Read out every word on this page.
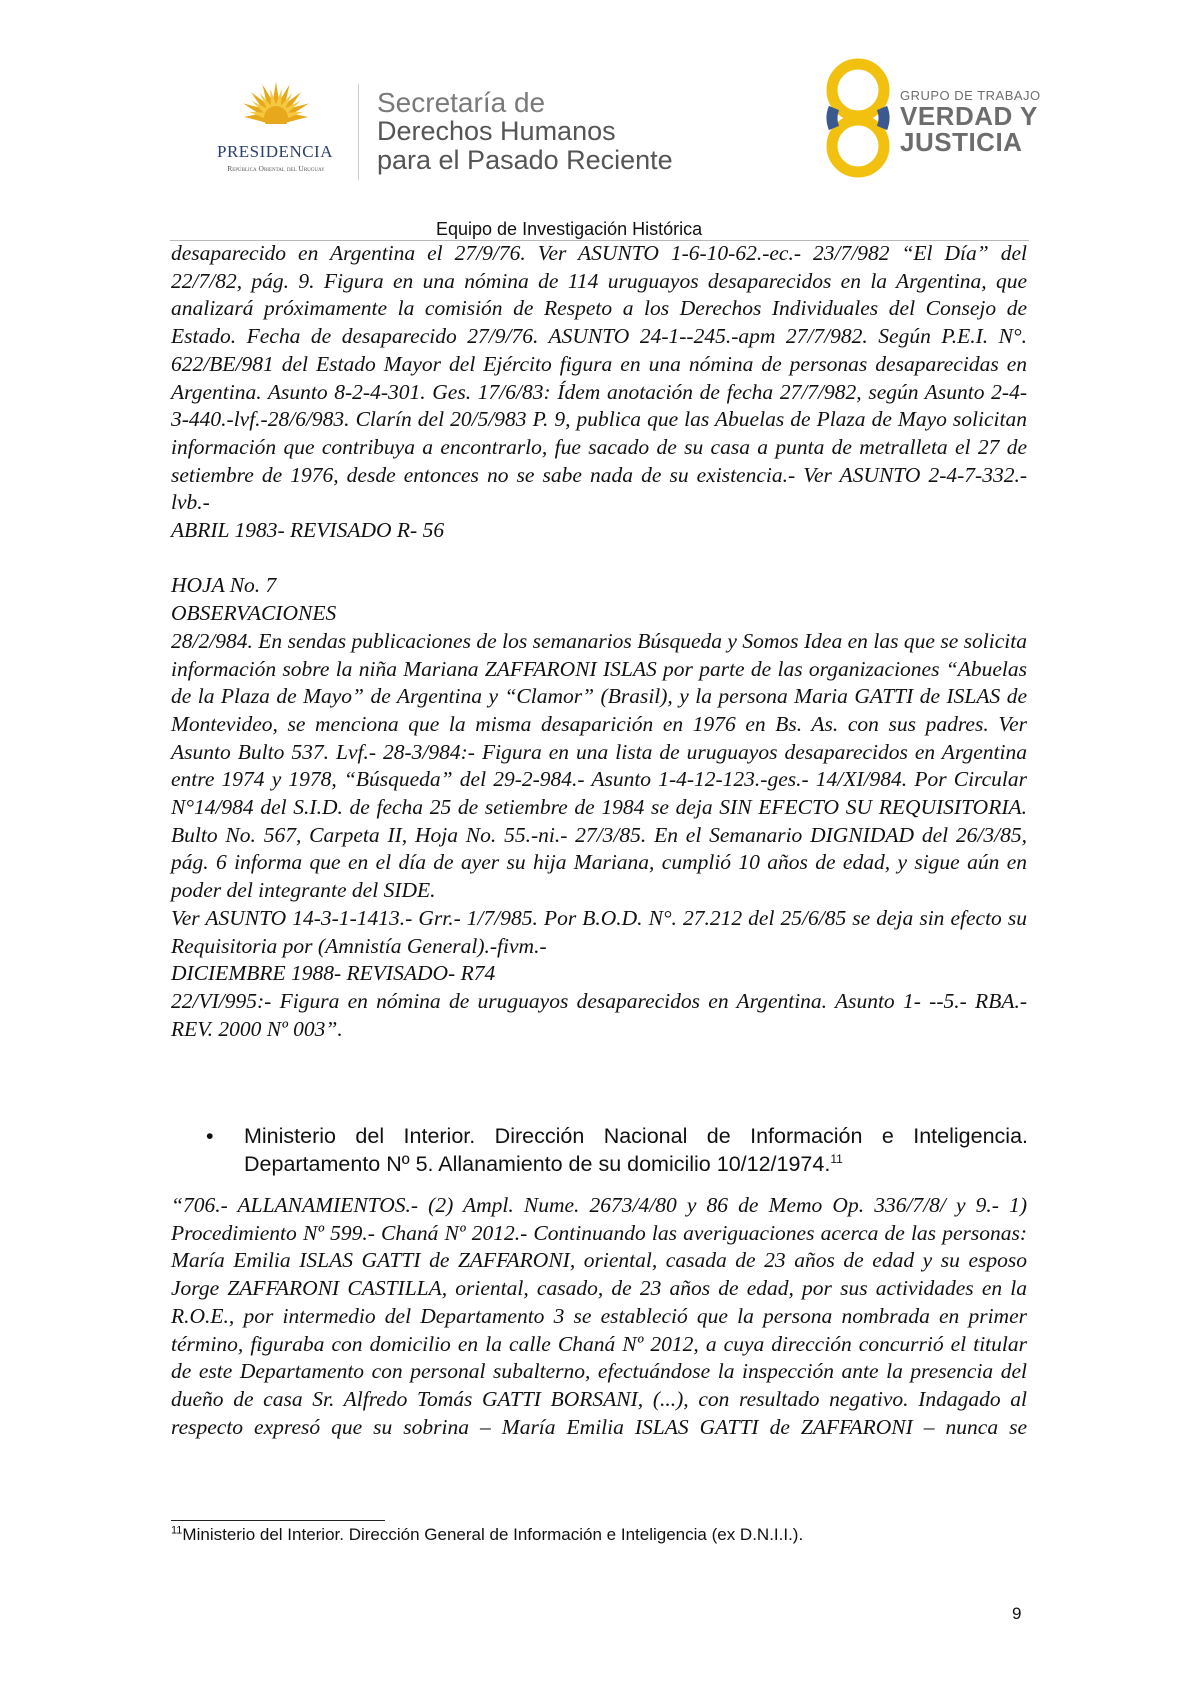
PRESIDENCIA
República Oriental del Uruguay
Secretaría de
Derechos Humanos
para el Pasado Reciente
GRUPO DE TRABAJO
VERDAD Y
JUSTICIA
Equipo de Investigación Histórica

desaparecido en Argentina el 27/9/76. Ver ASUNTO 1-6-10-62.-ec.- 23/7/982 “El Día” del 22/7/82, pág. 9. Figura en una nómina de 114 uruguayos desaparecidos en la Argentina, que analizará próximamente la comisión de Respeto a los Derechos Individuales del Consejo de Estado. Fecha de desaparecido 27/9/76. ASUNTO 24-1--245.-apm 27/7/982. Según P.E.I. N°. 622/BE/981 del Estado Mayor del Ejército figura en una nómina de personas desaparecidas en Argentina. Asunto 8-2-4-301. Ges. 17/6/83: Ídem anotación de fecha 27/7/982, según Asunto 2-4-3-440.-lvf.-28/6/983. Clarín del 20/5/983 P. 9, publica que las Abuelas de Plaza de Mayo solicitan información que contribuya a encontrarlo, fue sacado de su casa a punta de metralleta el 27 de setiembre de 1976, desde entonces no se sabe nada de su existencia.- Ver ASUNTO 2-4-7-332.-lvb.-

ABRIL 1983- REVISADO R- 56

HOJA No. 7

OBSERVACIONES

28/2/984. En sendas publicaciones de los semanarios Búsqueda y Somos Idea en las que se solicita información sobre la niña Mariana ZAFFARONI ISLAS por parte de las organizaciones “Abuelas de la Plaza de Mayo” de Argentina y “Clamor” (Brasil), y la persona Maria GATTI de ISLAS de Montevideo, se menciona que la misma desaparición en 1976 en Bs. As. con sus padres. Ver Asunto Bulto 537. Lvf.- 28-3/984:- Figura en una lista de uruguayos desaparecidos en Argentina entre 1974 y 1978, “Búsqueda” del 29-2-984.- Asunto 1-4-12-123.-ges.- 14/XI/984. Por Circular N°14/984 del S.I.D. de fecha 25 de setiembre de 1984 se deja SIN EFECTO SU REQUISITORIA. Bulto No. 567, Carpeta II, Hoja No. 55.-ni.- 27/3/85. En el Semanario DIGNIDAD del 26/3/85, pág. 6 informa que en el día de ayer su hija Mariana, cumplió 10 años de edad, y sigue aún en poder del integrante del SIDE.

Ver ASUNTO 14-3-1-1413.- Grr.- 1/7/985. Por B.O.D. N°. 27.212 del 25/6/85 se deja sin efecto su Requisitoria por (Amnistía General).-fivm.-

DICIEMBRE 1988- REVISADO- R74

22/VI/995:- Figura en nómina de uruguayos desaparecidos en Argentina. Asunto 1- --5.- RBA.- REV. 2000 Nº 003”.

• Ministerio del Interior. Dirección Nacional de Información e Inteligencia. Departamento Nº 5. Allanamiento de su domicilio 10/12/1974.11
“706.- ALLANAMIENTOS.- (2) Ampl. Nume. 2673/4/80 y 86 de Memo Op. 336/7/8/ y 9.- 1) Procedimiento Nº 599.- Chaná Nº 2012.- Continuando las averiguaciones acerca de las personas: María Emilia ISLAS GATTI de ZAFFARONI, oriental, casada de 23 años de edad y su esposo Jorge ZAFFARONI CASTILLA, oriental, casado, de 23 años de edad, por sus actividades en la R.O.E., por intermedio del Departamento 3 se estableció que la persona nombrada en primer término, figuraba con domicilio en la calle Chaná Nº 2012, a cuya dirección concurrió el titular de este Departamento con personal subalterno, efectuándose la inspección ante la presencia del dueño de casa Sr. Alfredo Tomás GATTI BORSANI, (...), con resultado negativo. Indagado al respecto expresó que su sobrina – María Emilia ISLAS GATTI de ZAFFARONI – nunca se
$^{11}$Ministerio del Interior. Dirección General de Información e Inteligencia (ex D.N.I.I.).
9
